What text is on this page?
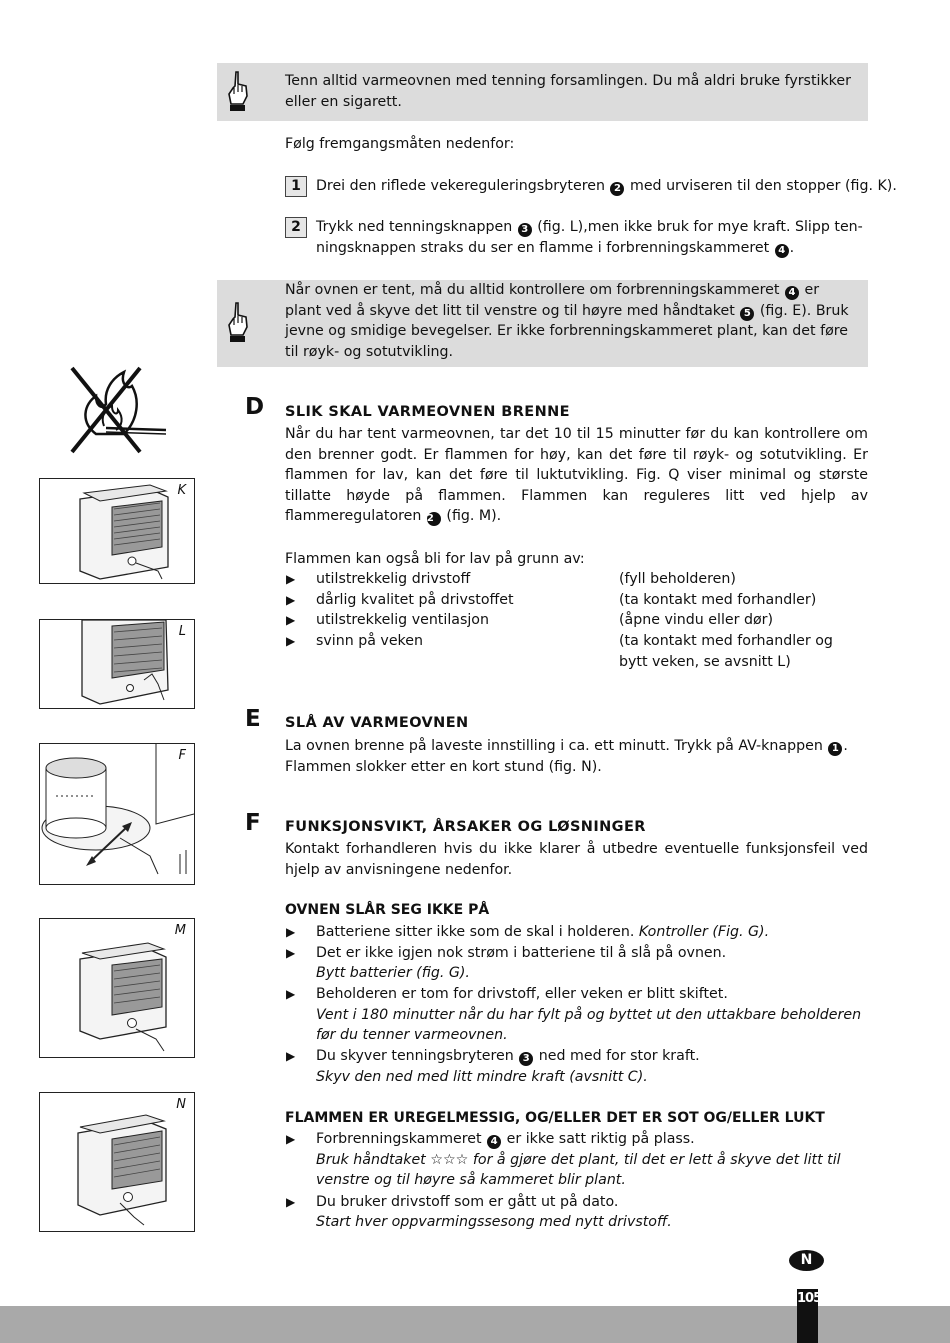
Tenn alltid varmeovnen med tenning forsamlingen. Du må aldri bruke fyrstikker
eller en sigarett.
Følg fremgangsmåten nedenfor:
1	Drei den riflede vekereguleringsbryteren 2 med urviseren til den stopper (fig. K).
2	Trykk ned tenningsknappen 3 (fig. L),men ikke bruk for mye kraft. Slipp ten-
ningsknappen straks du ser en flamme i forbrenningskammeret 4 .
Når ovnen er tent, må du alltid kontrollere om forbrenningskammeret 4 er
plant ved å skyve det litt til venstre og til høyre med håndtaket 5 (fig. E). Bruk
jevne og smidige bevegelser. Er ikke forbrenningskammeret plant, kan det føre
til røyk- og sotutvikling.
D SLIK SKAL VARMEOVNEN BRENNE
Når du har tent varmeovnen, tar det 10 til 15 minutter før du kan kontrollere om den brenner godt. Er flammen for høy, kan det føre til røyk- og sotutvikling. Er flammen for lav, kan det føre til luktutvikling. Fig. Q viser minimal og største tillatte høyde på flammen. Flammen kan reguleres litt ved hjelp av flammeregulatoren 2 (fig. M).
Flammen kan også bli for lav på grunn av:
▶ utilstrekkelig drivstoff	(fyll beholderen)
▶ dårlig kvalitet på drivstoffet	(ta kontakt med forhandler)
▶ utilstrekkelig ventilasjon	(åpne vindu eller dør)
▶ svinn på veken	(ta kontakt med forhandler og
bytt veken, se avsnitt L)
E SLÅ AV VARMEOVNEN
La ovnen brenne på laveste innstilling i ca. ett minutt. Trykk på AV-knappen 1 .
Flammen slokker etter en kort stund (fig. N).
F FUNKSJONSVIKT, ÅRSAKER OG LØSNINGER
Kontakt forhandleren hvis du ikke klarer å utbedre eventuelle funksjonsfeil ved hjelp av anvisningene nedenfor.
OVNEN SLÅR SEG IKKE PÅ
▶ Batteriene sitter ikke som de skal i holderen. Kontroller (Fig. G).
▶ Det er ikke igjen nok strøm i batteriene til å slå på ovnen.
Bytt batterier (fig. G).
▶ Beholderen er tom for drivstoff, eller veken er blitt skiftet.
Vent i 180 minutter når du har fylt på og byttet ut den uttakbare beholderen
før du tenner varmeovnen.
▶ Du skyver tenningsbryteren 3 ned med for stor kraft.
Skyv den ned med litt mindre kraft (avsnitt C).
FLAMMEN ER UREGELMESSIG, OG/ELLER DET ER SOT OG/ELLER LUKT
▶ Forbrenningskammeret 4 er ikke satt riktig på plass.
Bruk håndtaket ☆☆☆ for å gjøre det plant, til det er lett å skyve det litt til
venstre og til høyre så kammeret blir plant.
▶ Du bruker drivstoff som er gått ut på dato.
Start hver oppvarmingssesong med nytt drivstoff.
K
L
F
M
N
N
105
